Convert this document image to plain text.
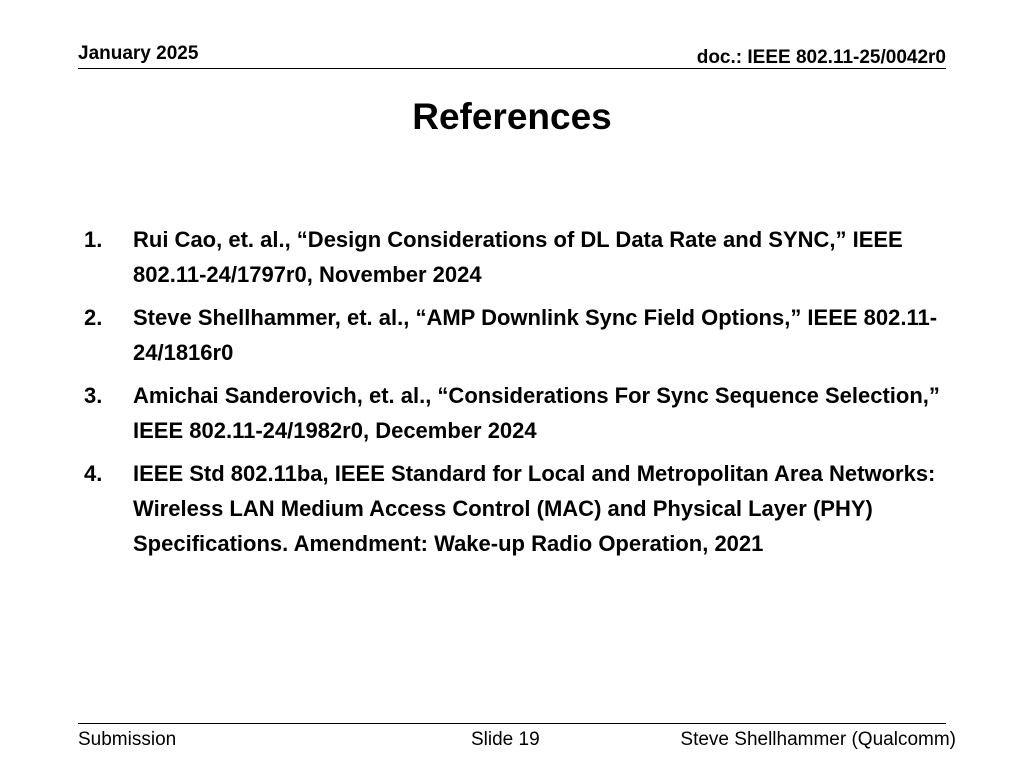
January 2025	doc.: IEEE 802.11-25/0042r0
References
1.	Rui Cao, et. al., “Design Considerations of DL Data Rate and SYNC,” IEEE 802.11-24/1797r0, November 2024
2.	Steve Shellhammer, et. al., “AMP Downlink Sync Field Options,” IEEE 802.11-24/1816r0
3.	Amichai Sanderovich, et. al., “Considerations For Sync Sequence Selection,” IEEE 802.11-24/1982r0, December 2024
4.	IEEE Std 802.11ba, IEEE Standard for Local and Metropolitan Area Networks: Wireless LAN Medium Access Control (MAC) and Physical Layer (PHY) Specifications. Amendment: Wake-up Radio Operation, 2021
Submission	Slide 19	Steve Shellhammer (Qualcomm)
